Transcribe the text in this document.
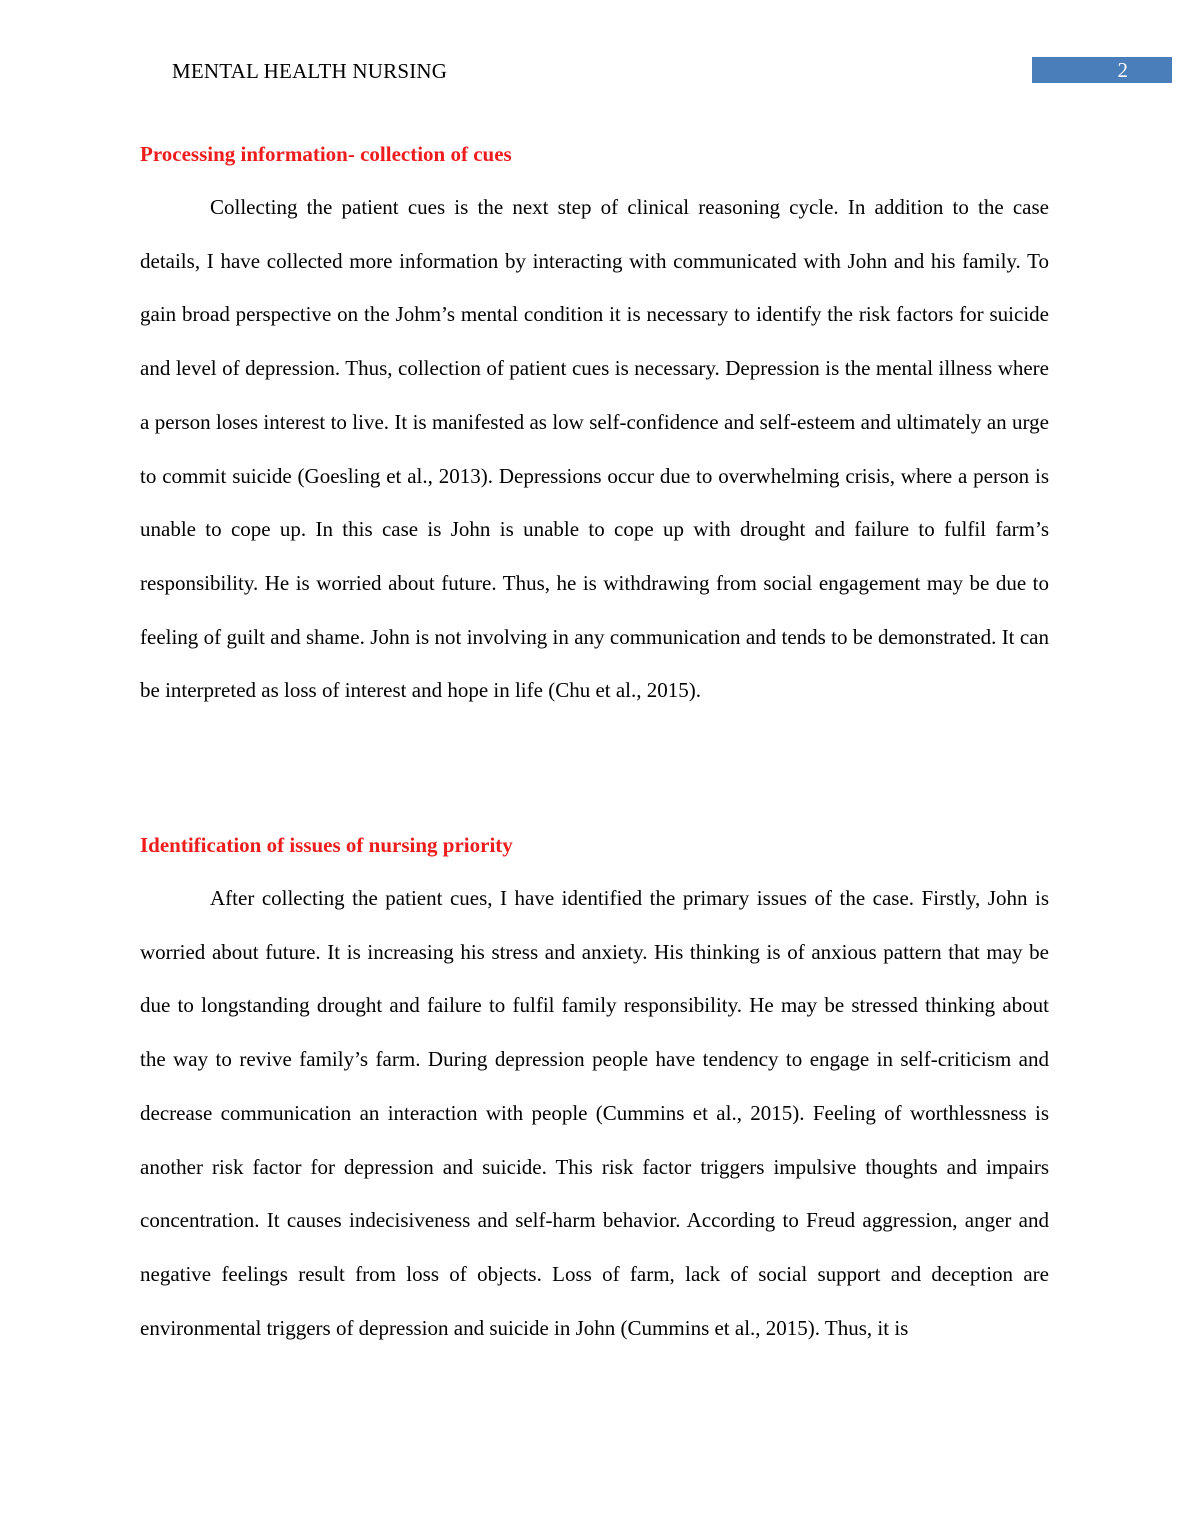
MENTAL HEALTH NURSING	2
Processing information- collection of cues

Collecting the patient cues is the next step of clinical reasoning cycle. In addition to the case details, I have collected more information by interacting with communicated with John and his family. To gain broad perspective on the Johm’s mental condition it is necessary to identify the risk factors for suicide and level of depression. Thus, collection of patient cues is necessary. Depression is the mental illness where a person loses interest to live. It is manifested as low self-confidence and self-esteem and ultimately an urge to commit suicide (Goesling et al., 2013). Depressions occur due to overwhelming crisis, where a person is unable to cope up. In this case is John is unable to cope up with drought and failure to fulfil farm’s responsibility. He is worried about future. Thus, he is withdrawing from social engagement may be due to feeling of guilt and shame. John is not involving in any communication and tends to be demonstrated. It can be interpreted as loss of interest and hope in life (Chu et al., 2015).

Identification of issues of nursing priority

After collecting the patient cues, I have identified the primary issues of the case. Firstly, John is worried about future. It is increasing his stress and anxiety. His thinking is of anxious pattern that may be due to longstanding drought and failure to fulfil family responsibility. He may be stressed thinking about the way to revive family’s farm. During depression people have tendency to engage in self-criticism and decrease communication an interaction with people (Cummins et al., 2015). Feeling of worthlessness is another risk factor for depression and suicide. This risk factor triggers impulsive thoughts and impairs concentration. It causes indecisiveness and self-harm behavior. According to Freud aggression, anger and negative feelings result from loss of objects. Loss of farm, lack of social support and deception are environmental triggers of depression and suicide in John (Cummins et al., 2015). Thus, it is
